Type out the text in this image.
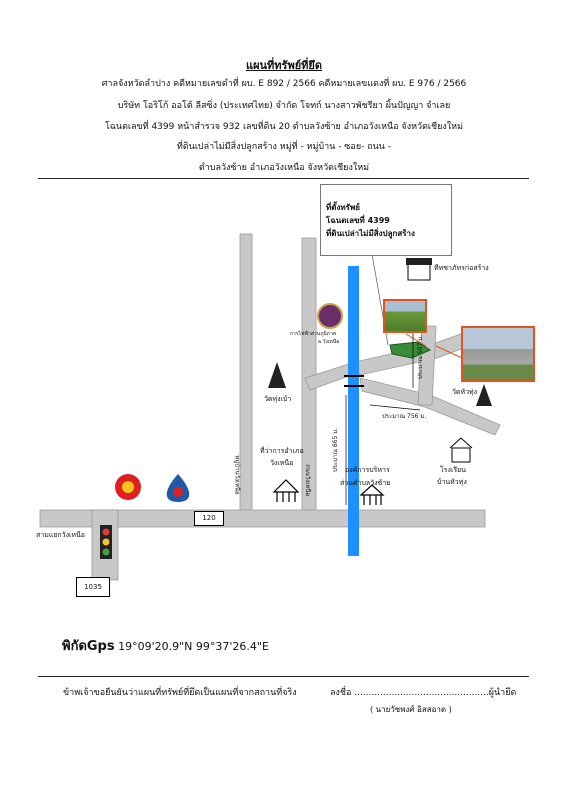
แผนที่ทรัพย์ที่ยึด
ศาลจังหวัดลำปาง คดีหมายเลขดำที่ ผบ. E 892 / 2566 คดีหมายเลขแดงที่ ผบ. E 976 / 2566
บริษัท โอริโก้ ออโต้ ลีสซิ่ง (ประเทศไทย) จำกัด โจทก์ นางสาวพัชรียา ผิ้นปัญญา จำเลย
โฉนดเลขที่ 4399 หน้าสำรวจ 932 เลขที่ดิน 20 ตำบลวังซ้าย อำเภอวังเหนือ จังหวัดเชียงใหม่
ที่ดินเปล่าไม่มีสิ่งปลูกสร้าง หมู่ที่ - หมู่บ้าน - ซอย- ถนน -
ตำบลวังซ้าย อำเภอวังเหนือ จังหวัดเชียงใหม่
ที่ตั้งทรัพย์
โฉนดเลขที่ 4399
ที่ดินเปล่าไม่มีสิ่งปลูกสร้าง
ทีทชาภัทรก่อสร้าง
การไฟฟ้าส่วนภูมิภาค
อ.วังเหนือ
วัดทุ่งเบ้า
วัดหัวทุ่ง
ที่ว่าการอำเภอ
วังเหนือ
องค์การบริหาร
ส่วนตำบลวังซ้าย
โรงเรียน
บ้านหัวทุ่ง
แม่น้ำวัง
หมู่บ้านวังเหนือ	ถนนวังเหนือ
สามแยกวังเหนือ
ประมาณ 507 ม.
ประมาณ 756 ม.
ประมาณ 865 ม.
120
1035
พิกัดGps 19°09'20.9"N 99°37'26.4"E
ข้าพเจ้าขอยืนยันว่าแผนที่ทรัพย์ที่ยึดเป็นแผนที่จากสถานที่จริง	ลงชื่อ ...............................................ผู้นำยึด
( นายวัชพงศ์ อิสสอาด )
